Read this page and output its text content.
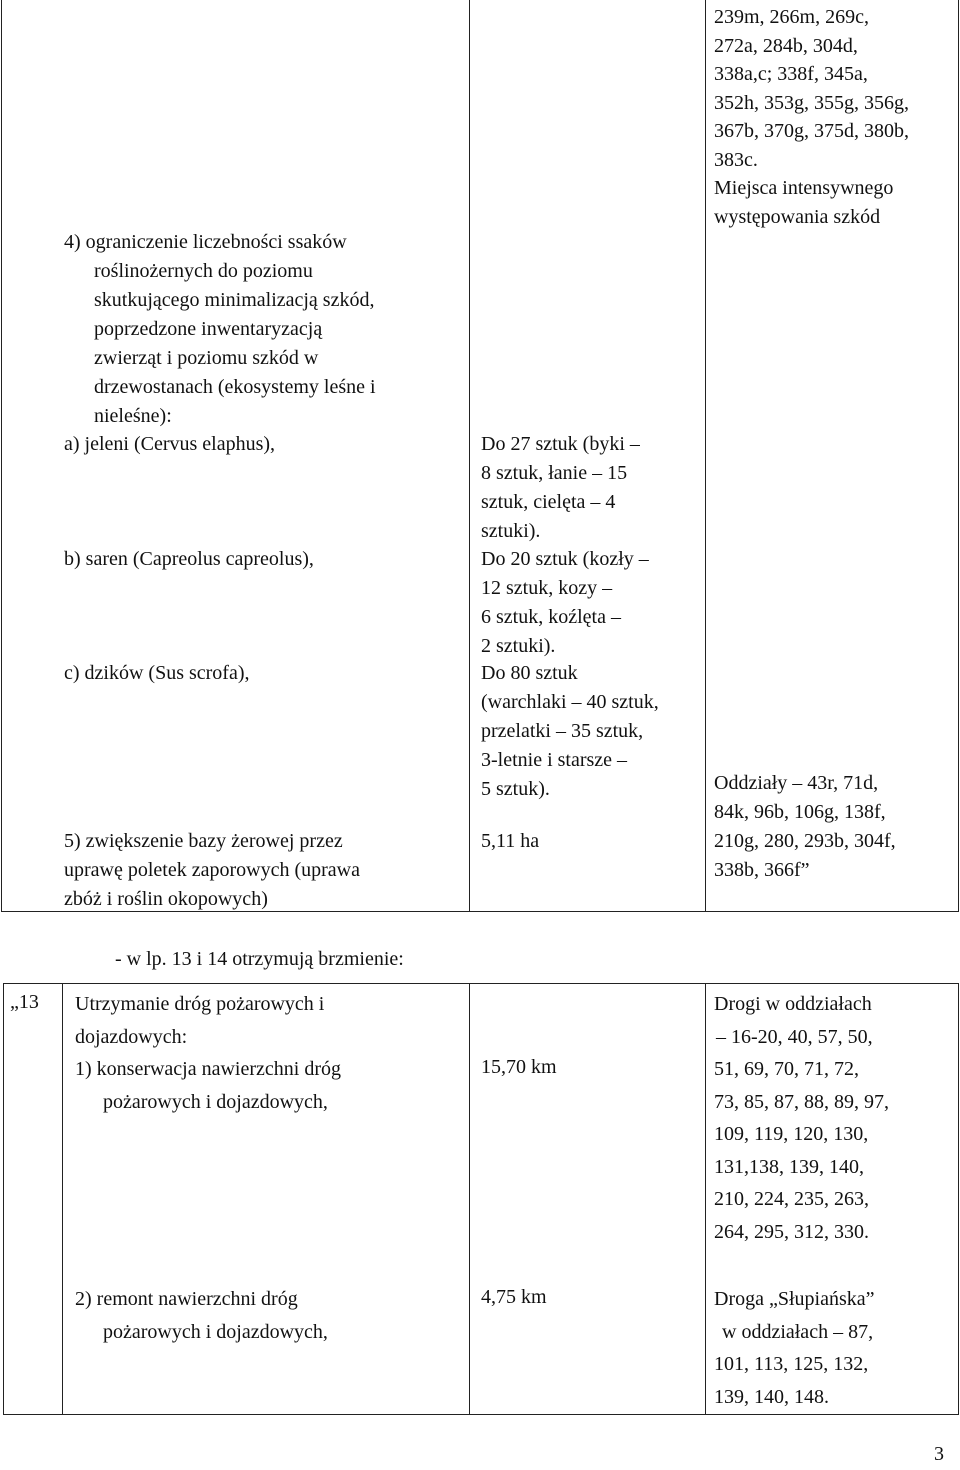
4) ograniczenie liczebności ssaków
roślinożernych do poziomu
skutkującego minimalizacją szkód,
poprzedzone inwentaryzacją
zwierząt i poziomu szkód w
drzewostanach (ekosystemy leśne i
nieleśne):
a) jeleni (Cervus elaphus),
b) saren (Capreolus capreolus),
c) dzików (Sus scrofa),
5) zwiększenie bazy żerowej przez
uprawę poletek zaporowych (uprawa
zbóż i roślin okopowych)
Do 27 sztuk (byki –
8 sztuk, łanie – 15
sztuk, cielęta – 4
sztuki).
Do 20 sztuk (kozły –
12 sztuk, kozy –
6 sztuk, koźlęta –
2 sztuki).
Do 80 sztuk
(warchlaki – 40 sztuk,
przelatki – 35 sztuk,
3-letnie i starsze –
5 sztuk).
5,11 ha
239m, 266m, 269c,
272a, 284b, 304d,
338a,c; 338f, 345a,
352h, 353g, 355g, 356g,
367b, 370g, 375d, 380b,
383c.
Miejsca intensywnego
występowania szkód
Oddziały – 43r, 71d,
84k, 96b, 106g, 138f,
210g, 280, 293b, 304f,
338b, 366f”
- w lp. 13 i 14 otrzymują brzmienie:
„13 Utrzymanie dróg pożarowych i
dojazdowych:
1) konserwacja nawierzchni dróg
pożarowych i dojazdowych,
15,70 km
Drogi w oddziałach
– 16-20, 40, 57, 50,
51, 69, 70, 71, 72,
73, 85, 87, 88, 89, 97,
109, 119, 120, 130,
131,138, 139, 140,
210, 224, 235, 263,
264, 295, 312, 330.
2) remont nawierzchni dróg
pożarowych i dojazdowych,
4,75 km	Droga „Słupiańska”
w oddziałach – 87,
101, 113, 125, 132,
139, 140, 148.
3
